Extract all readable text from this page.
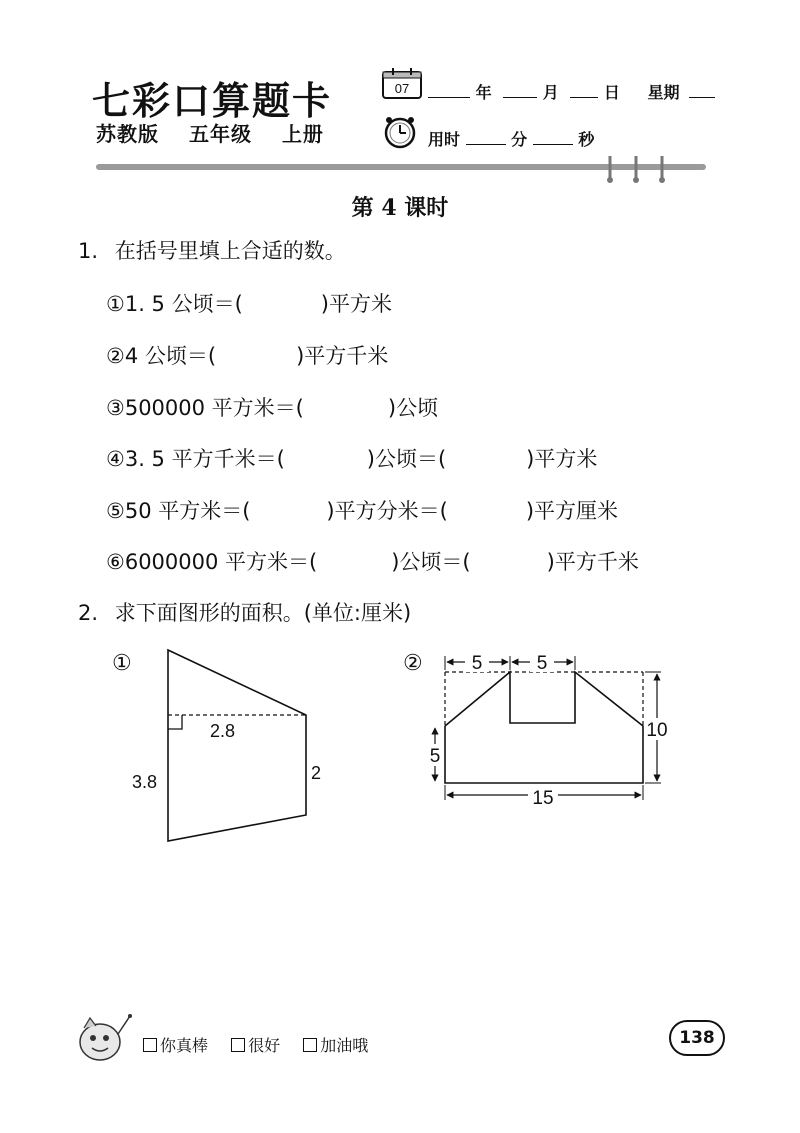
七彩口算题卡
苏教版 五年级 上册
07	年	月	日 星期
用时	分	秒
第 4 课时
1. 在括号里填上合适的数。
①1. 5 公顷＝(	)平方米
②4 公顷＝(	)平方千米
③500000 平方米＝(	)公顷
④3. 5 平方千米＝(	)公顷＝(	)平方米
⑤50 平方米＝(	)平方分米＝(	)平方厘米
⑥6000000 平方米＝(	)公顷＝(	)平方千米
2. 求下面图形的面积。(单位:厘米)
①
2.8
3.8	2
②	5	5
5
10
15
你真棒	很好	加油哦	138
